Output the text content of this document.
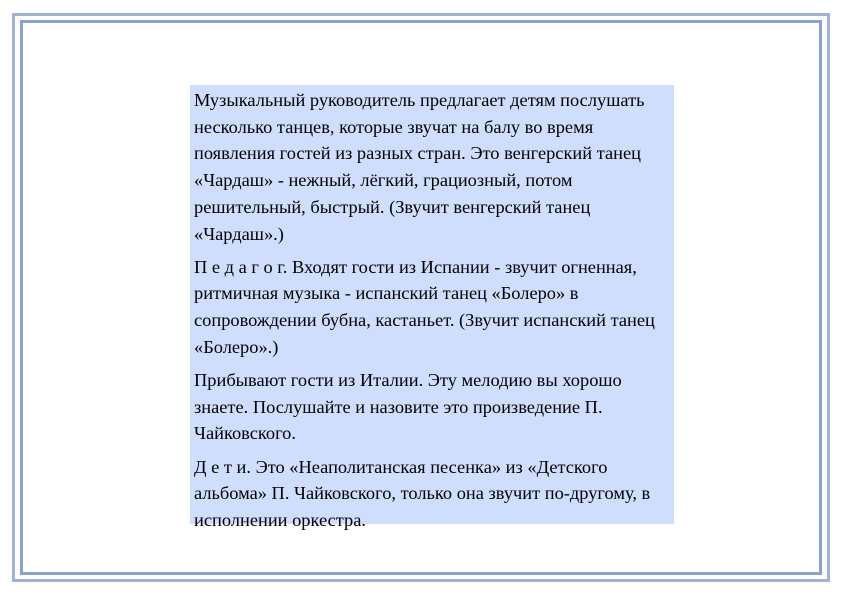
Музыкальный руководитель предлагает детям послушать несколько танцев, которые звучат на балу во время появления гостей из разных стран. Это венгерский танец «Чардаш» - нежный, лёгкий, грациозный, потом решительный, быстрый. (Звучит венгерский танец «Чардаш».)

П е д а г о г. Входят гости из Испании - звучит огненная, ритмичная музыка - испанский танец «Болеро» в сопровождении бубна, кастаньет. (Звучит испанский танец «Болеро».)

Прибывают гости из Италии. Эту мелодию вы хорошо знаете. Послушайте и назовите это произведение П. Чайковского.

Д е т и. Это «Неаполитанская песенка» из «Детского альбома» П. Чайковского, только она звучит по-другому, в исполнении оркестра.
